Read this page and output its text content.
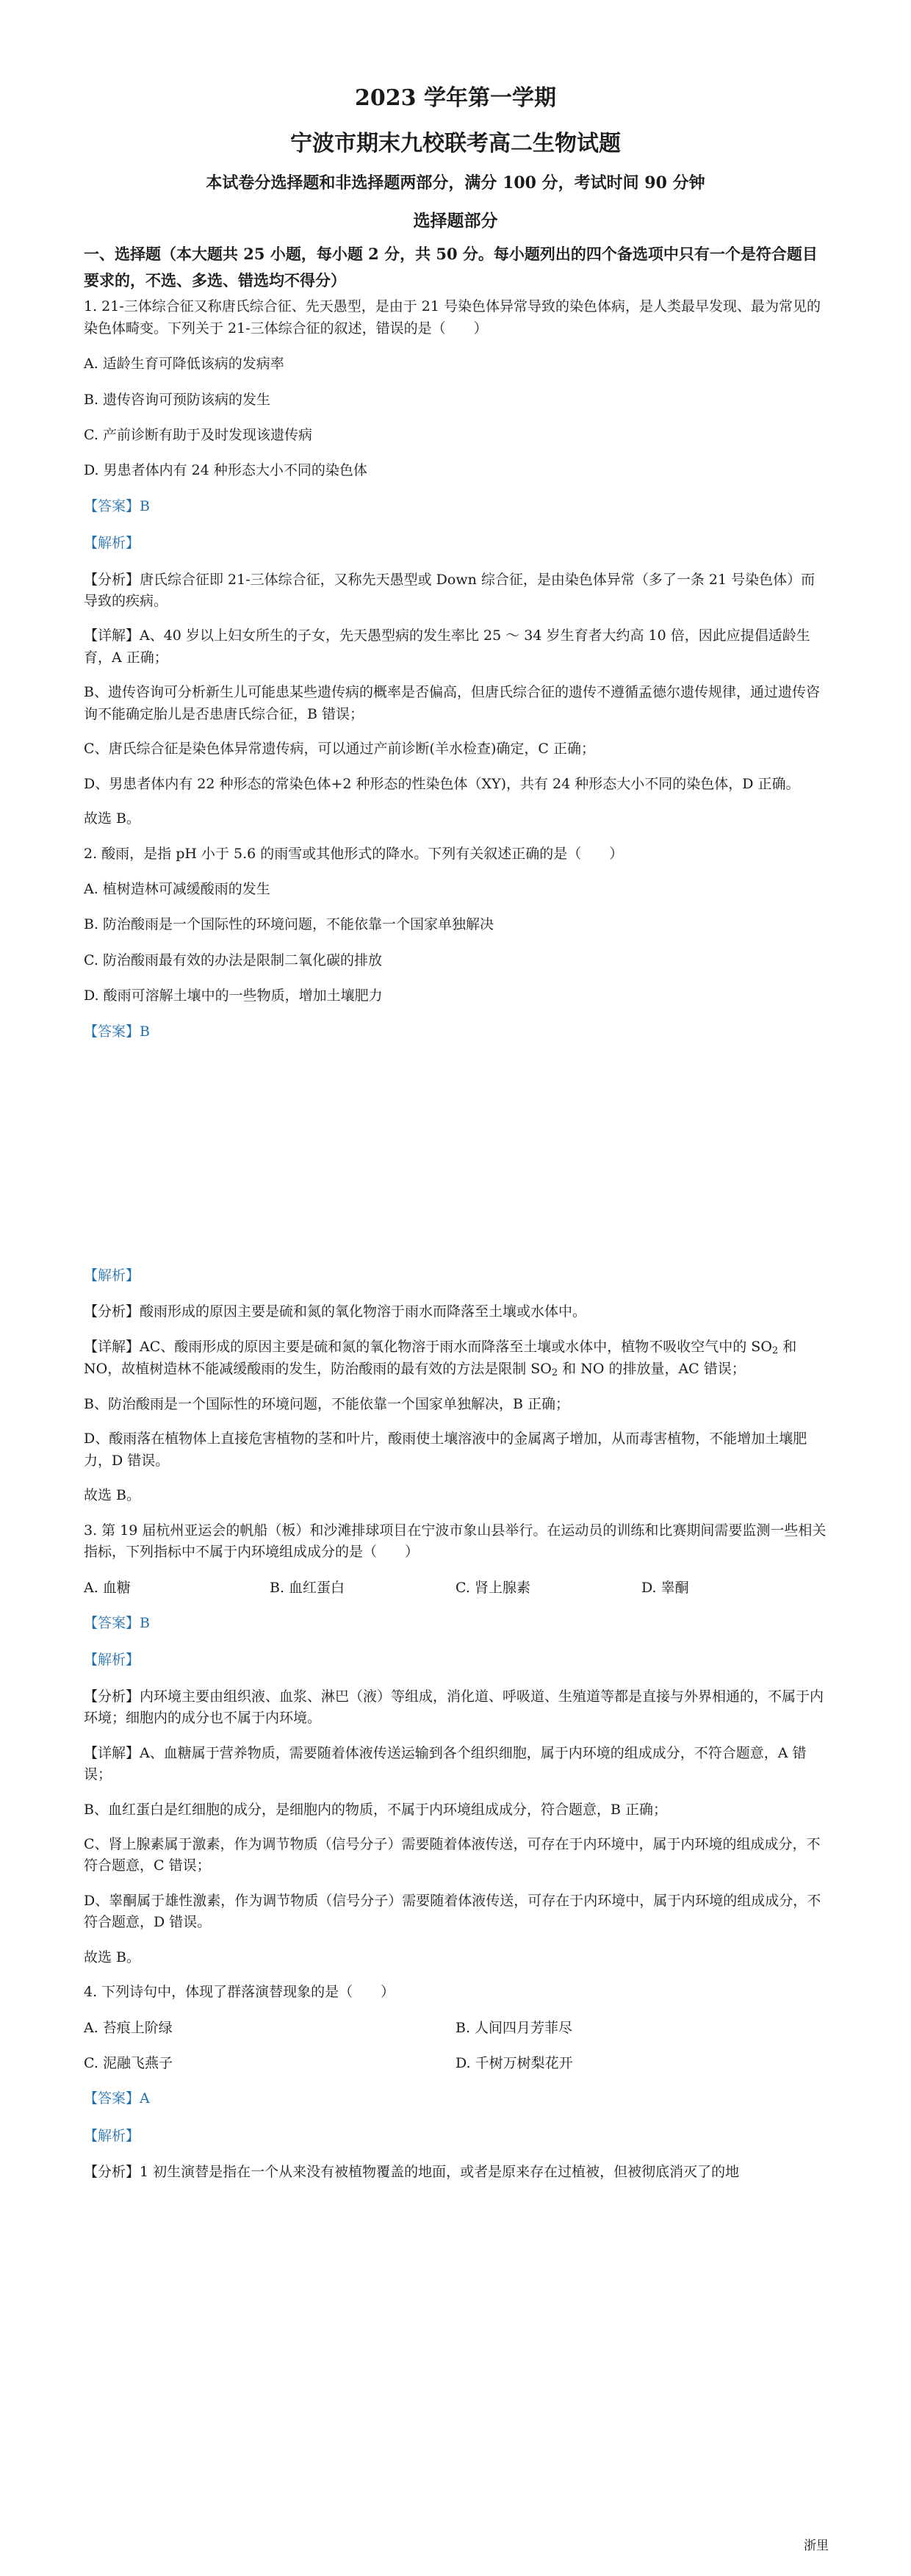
2023 学年第一学期
宁波市期末九校联考高二生物试题
本试卷分选择题和非选择题两部分，满分 100 分，考试时间 90 分钟
选择题部分
一、选择题（本大题共 25 小题，每小题 2 分，共 50 分。每小题列出的四个备选项中只有一个是符合题目要求的，不选、多选、错选均不得分）
1. 21-三体综合征又称唐氏综合征、先天愚型，是由于 21 号染色体异常导致的染色体病，是人类最早发现、最为常见的染色体畸变。下列关于 21-三体综合征的叙述，错误的是（　　）
A. 适龄生育可降低该病的发病率
B. 遗传咨询可预防该病的发生
C. 产前诊断有助于及时发现该遗传病
D. 男患者体内有 24 种形态大小不同的染色体
【答案】B
【解析】
【分析】唐氏综合征即 21-三体综合征，又称先天愚型或 Down 综合征，是由染色体异常（多了一条 21 号染色体）而导致的疾病。
【详解】A、40 岁以上妇女所生的子女，先天愚型病的发生率比 25 ～ 34 岁生育者大约高 10 倍，因此应提倡适龄生育，A 正确；
B、遗传咨询可分析新生儿可能患某些遗传病的概率是否偏高，但唐氏综合征的遗传不遵循孟德尔遗传规律，通过遗传咨询不能确定胎儿是否患唐氏综合征，B 错误；
C、唐氏综合征是染色体异常遗传病，可以通过产前诊断(羊水检查)确定，C 正确；
D、男患者体内有 22 种形态的常染色体+2 种形态的性染色体（XY)，共有 24 种形态大小不同的染色体，D 正确。
故选 B。
2. 酸雨，是指 pH 小于 5.6 的雨雪或其他形式的降水。下列有关叙述正确的是（　　）
A. 植树造林可减缓酸雨的发生
B. 防治酸雨是一个国际性的环境问题，不能依靠一个国家单独解决
C. 防治酸雨最有效的办法是限制二氧化碳的排放
D. 酸雨可溶解土壤中的一些物质，增加土壤肥力
【答案】B
【解析】
【分析】酸雨形成的原因主要是硫和氮的氧化物溶于雨水而降落至土壤或水体中。
【详解】AC、酸雨形成的原因主要是硫和氮的氧化物溶于雨水而降落至土壤或水体中，植物不吸收空气中的 $SO_2$ 和 NO，故植树造林不能减缓酸雨的发生，防治酸雨的最有效的方法是限制 $SO_2$ 和 NO 的排放量，AC 错误；
B、防治酸雨是一个国际性的环境问题，不能依靠一个国家单独解决，B 正确；
D、酸雨落在植物体上直接危害植物的茎和叶片，酸雨使土壤溶液中的金属离子增加，从而毒害植物，不能增加土壤肥力，D 错误。
故选 B。
3. 第 19 届杭州亚运会的帆船（板）和沙滩排球项目在宁波市象山县举行。在运动员的训练和比赛期间需要监测一些相关指标，下列指标中不属于内环境组成成分的是（　　）
A. 血糖	B. 血红蛋白	C. 肾上腺素	D. 睾酮
【答案】B
【解析】
【分析】内环境主要由组织液、血浆、淋巴（液）等组成，消化道、呼吸道、生殖道等都是直接与外界相通的，不属于内环境；细胞内的成分也不属于内环境。
【详解】A、血糖属于营养物质，需要随着体液传送运输到各个组织细胞，属于内环境的组成成分，不符合题意，A 错误；
B、血红蛋白是红细胞的成分，是细胞内的物质，不属于内环境组成成分，符合题意，B 正确；
C、肾上腺素属于激素，作为调节物质（信号分子）需要随着体液传送，可存在于内环境中，属于内环境的组成成分，不符合题意，C 错误；
D、睾酮属于雄性激素，作为调节物质（信号分子）需要随着体液传送，可存在于内环境中，属于内环境的组成成分，不符合题意，D 错误。
故选 B。
4. 下列诗句中，体现了群落演替现象的是（　　）
A. 苔痕上阶绿	B. 人间四月芳菲尽
C. 泥融飞燕子	D. 千树万树梨花开
【答案】A
【解析】
【分析】1 初生演替是指在一个从来没有被植物覆盖的地面，或者是原来存在过植被，但被彻底消灭了的地
浙里
